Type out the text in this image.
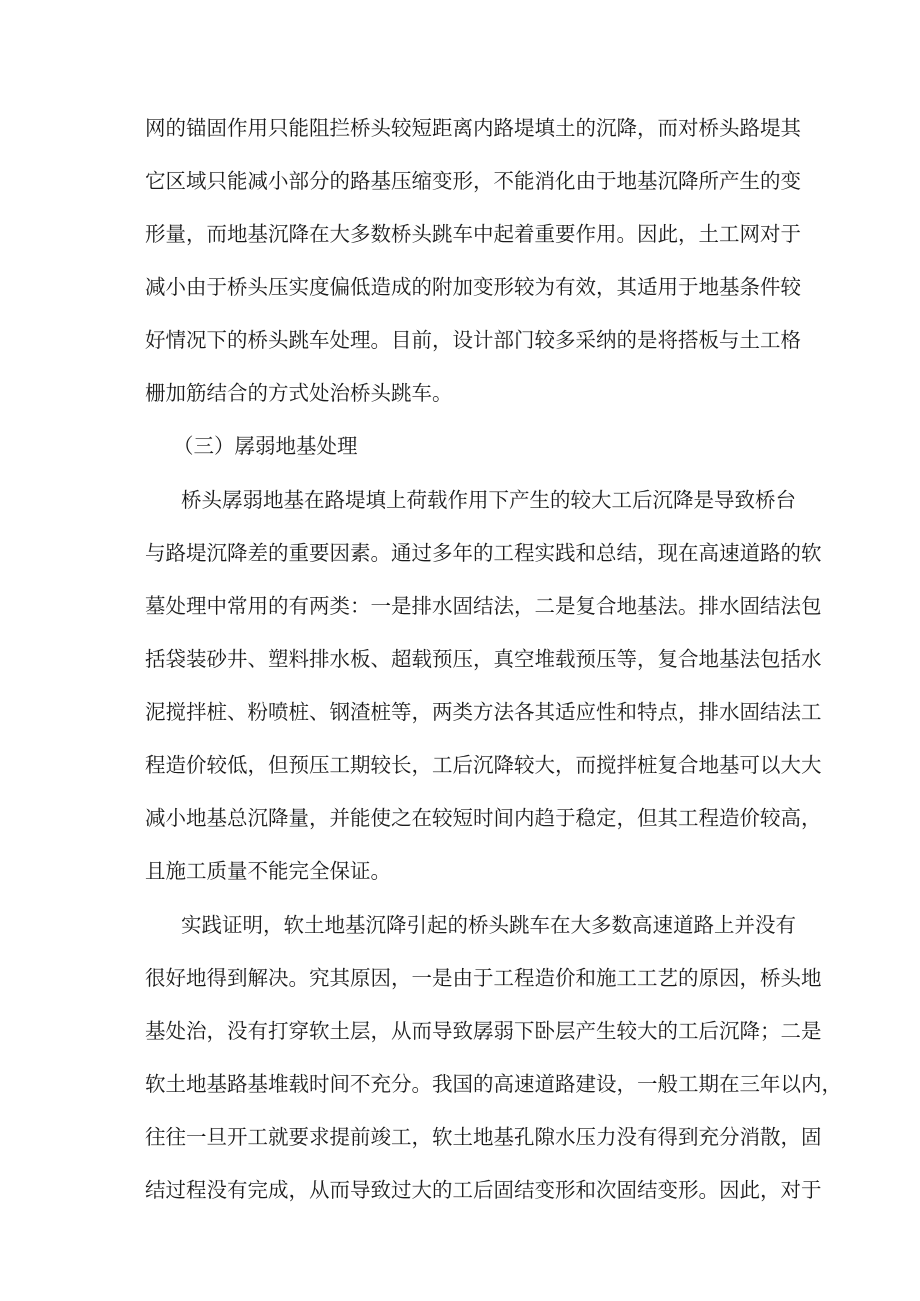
网的锚固作用只能阻拦桥头较短距离内路堤填土的沉降，而对桥头路堤其
它区域只能减小部分的路基压缩变形，不能消化由于地基沉降所产生的变
形量，而地基沉降在大多数桥头跳车中起着重要作用。因此，土工网对于
减小由于桥头压实度偏低造成的附加变形较为有效，其适用于地基条件较
好情况下的桥头跳车处理。目前，设计部门较多采纳的是将搭板与土工格
栅加筋结合的方式处治桥头跳车。
（三）孱弱地基处理
桥头孱弱地基在路堤填上荷载作用下产生的较大工后沉降是导致桥台
与路堤沉降差的重要因素。通过多年的工程实践和总结，现在高速道路的软
墓处理中常用的有两类：一是排水固结法，二是复合地基法。排水固结法包
括袋装砂井、塑料排水板、超载预压，真空堆载预压等，复合地基法包括水
泥搅拌桩、粉喷桩、钢渣桩等，两类方法各其适应性和特点，排水固结法工
程造价较低，但预压工期较长，工后沉降较大，而搅拌桩复合地基可以大大
减小地基总沉降量，并能使之在较短时间内趋于稳定，但其工程造价较高，
且施工质量不能完全保证。
实践证明，软土地基沉降引起的桥头跳车在大多数高速道路上并没有
很好地得到解决。究其原因，一是由于工程造价和施工工艺的原因，桥头地
基处治，没有打穿软土层，从而导致孱弱下卧层产生较大的工后沉降；二是
软土地基路基堆载时间不充分。我国的高速道路建设，一般工期在三年以内，
往往一旦开工就要求提前竣工，软土地基孔隙水压力没有得到充分消散，固
结过程没有完成，从而导致过大的工后固结变形和次固结变形。因此，对于
